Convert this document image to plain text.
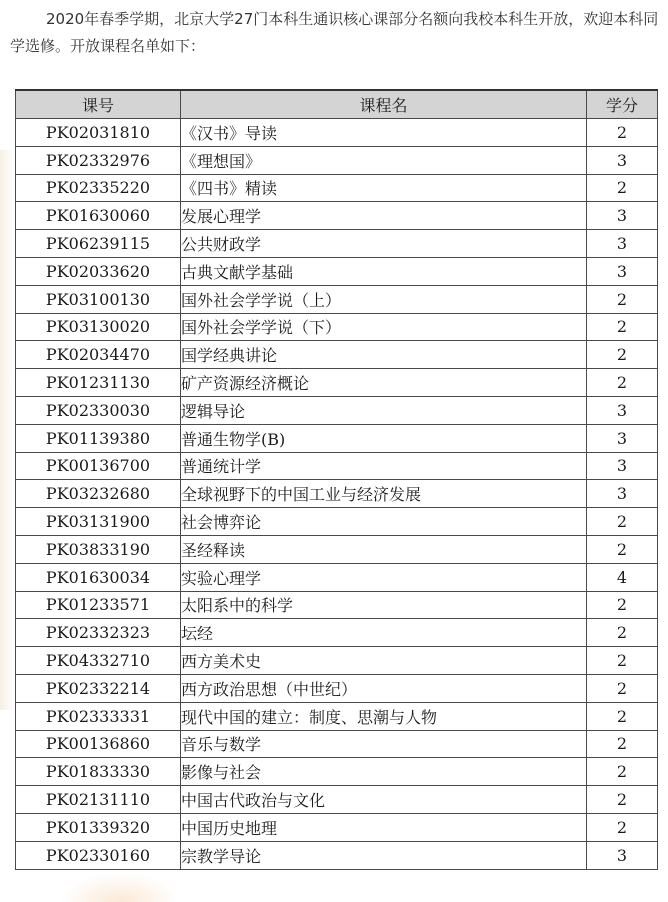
2020年春季学期，北京大学27门本科生通识核心课部分名额向我校本科生开放，欢迎本科同学选修。开放课程名单如下：

课号	课程名	学分
PK02031810	《汉书》导读	2
PK02332976	《理想国》	3
PK02335220	《四书》精读	2
PK01630060	发展心理学	3
PK06239115	公共财政学	3
PK02033620	古典文献学基础	3
PK03100130	国外社会学学说（上）	2
PK03130020	国外社会学学说（下）	2
PK02034470	国学经典讲论	2
PK01231130	矿产资源经济概论	2
PK02330030	逻辑导论	3
PK01139380	普通生物学(B)	3
PK00136700	普通统计学	3
PK03232680	全球视野下的中国工业与经济发展	3
PK03131900	社会博弈论	2
PK03833190	圣经释读	2
PK01630034	实验心理学	4
PK01233571	太阳系中的科学	2
PK02332323	坛经	2
PK04332710	西方美术史	2
PK02332214	西方政治思想（中世纪）	2
PK02333331	现代中国的建立：制度、思潮与人物	2
PK00136860	音乐与数学	2
PK01833330	影像与社会	2
PK02131110	中国古代政治与文化	2
PK01339320	中国历史地理	2
PK02330160	宗教学导论	3
